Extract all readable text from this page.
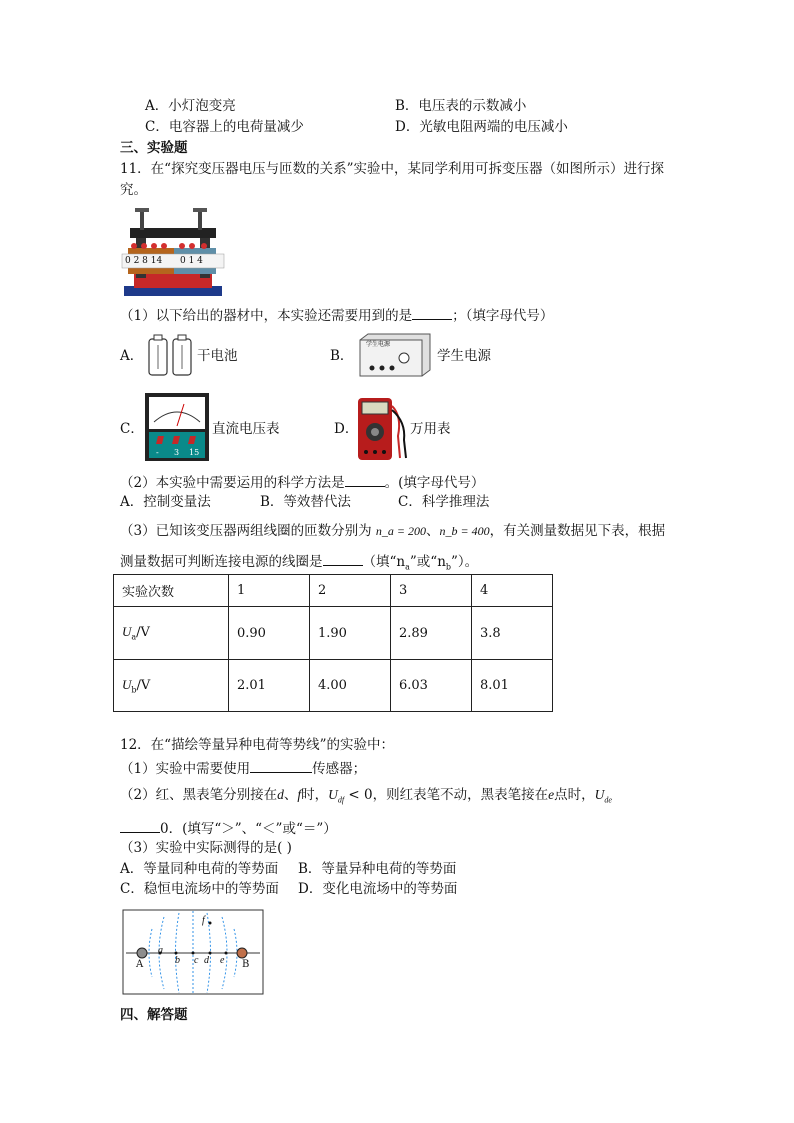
A．小灯泡变亮	B．电压表的示数减小
C．电容器上的电荷量减少	D．光敏电阻两端的电压减小
三、实验题
11．在“探究变压器电压与匝数的关系”实验中，某同学利用可拆变压器（如图所示）进行探
究。
0 2 8 14 0 1 4
（1）以下给出的器材中，本实验还需要用到的是	；（填字母代号）
A．	干电池	B．
学生电源
学生电源
C．
- 3 15
直流电压表	D．	万用表
（2）本实验中需要运用的科学方法是	。(填字母代号）
A．控制变量法	B．等效替代法	C．科学推理法
（3）已知该变压器两组线圈的匝数分别为 n_a = 200、n_b = 400，有关测量数据见下表，根据
测量数据可判断连接电源的线圈是	（填“$n_a$”或“$n_b$”）。
实验次数	1	2	3	4
$U_a/V$	0.90	1.90	2.89	3.8
$U_b/V$	2.01	4.00	6.03	8.01
12．在“描绘等量异种电荷等势线”的实验中：
（1）实验中需要使用	传感器；
（2）红、黑表笔分别接在d、f时，$U_{df} < 0$，则红表笔不动，黑表笔接在e点时，$U_{de}$
0．(填写“＞”、“＜”或“＝”）
（3）实验中实际测得的是( )
A．等量同种电荷的等势面 B．等量异种电荷的等势面
C．稳恒电流场中的等势面 D．变化电流场中的等势面
A
a
b c d e B
f
四、解答题
